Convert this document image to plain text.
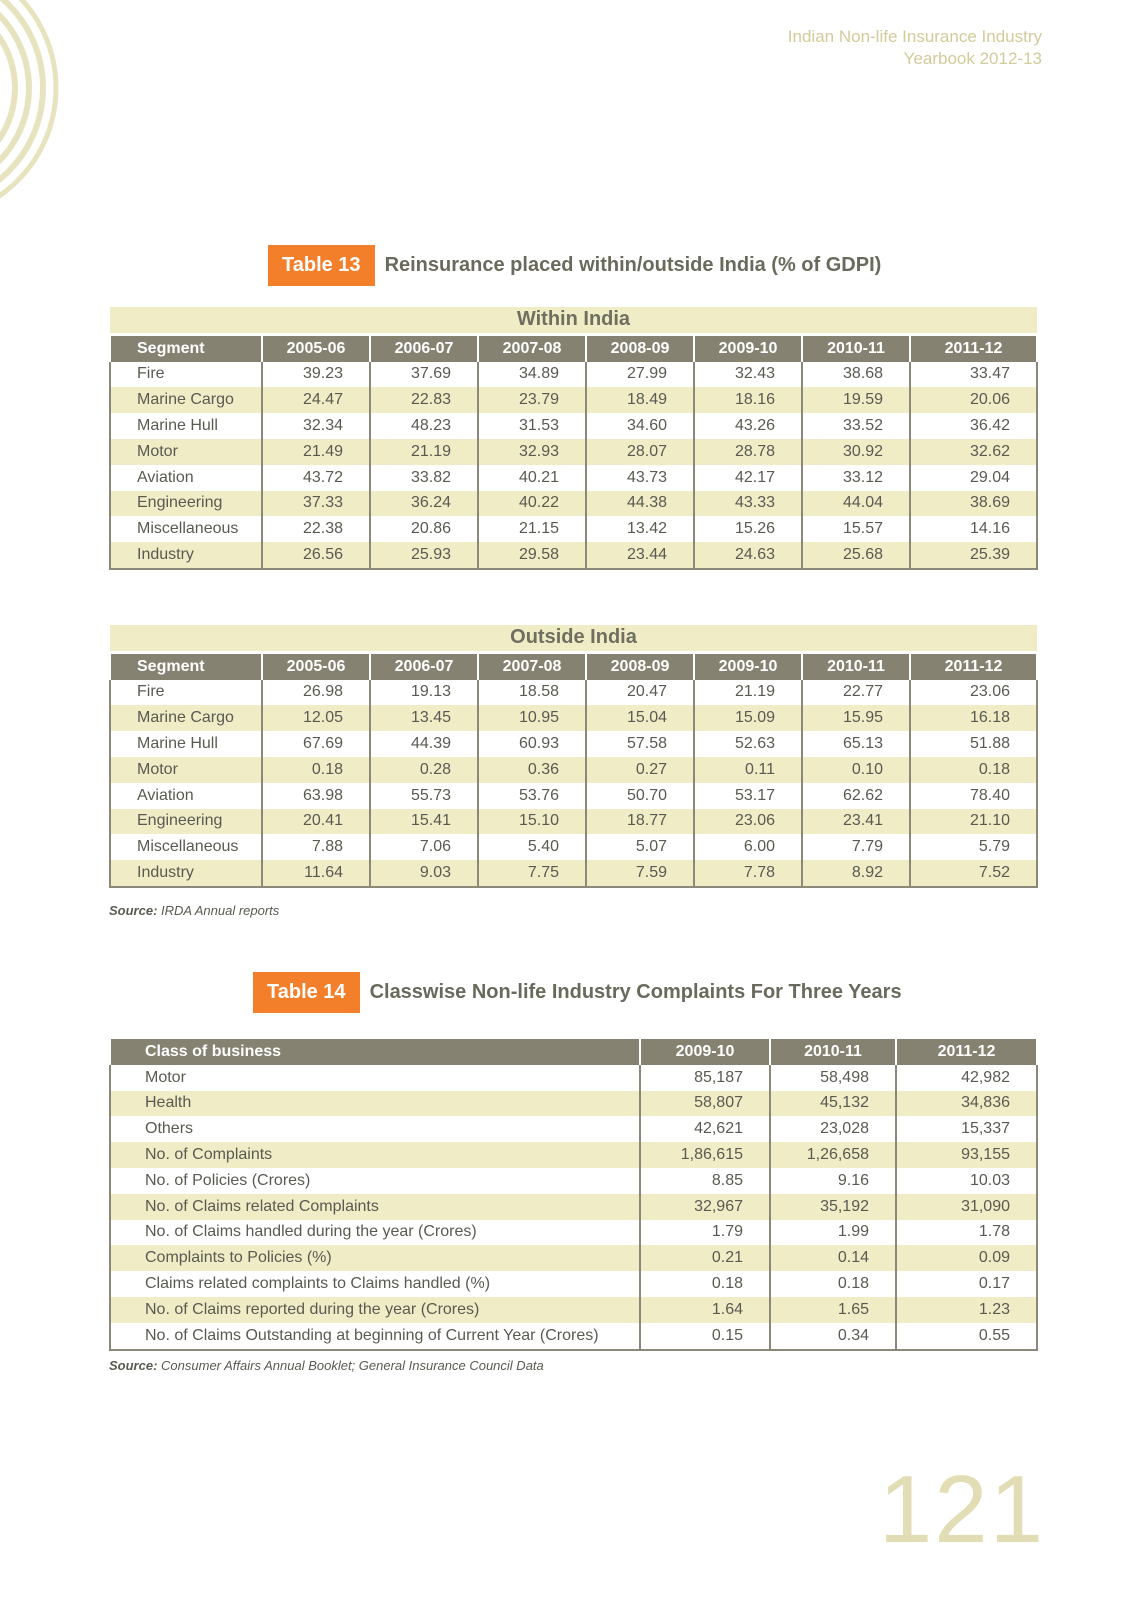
Indian Non-life Insurance Industry
Yearbook 2012-13
Table 13	Reinsurance placed within/outside India (% of GDPI)
Within India							
Segment	2005-06	2006-07	2007-08	2008-09	2009-10	2010-11	2011-12
Fire	39.23	37.69	34.89	27.99	32.43	38.68	33.47
Marine Cargo	24.47	22.83	23.79	18.49	18.16	19.59	20.06
Marine Hull	32.34	48.23	31.53	34.60	43.26	33.52	36.42
Motor	21.49	21.19	32.93	28.07	28.78	30.92	32.62
Aviation	43.72	33.82	40.21	43.73	42.17	33.12	29.04
Engineering	37.33	36.24	40.22	44.38	43.33	44.04	38.69
Miscellaneous	22.38	20.86	21.15	13.42	15.26	15.57	14.16
Industry	26.56	25.93	29.58	23.44	24.63	25.68	25.39
Outside India							
Segment	2005-06	2006-07	2007-08	2008-09	2009-10	2010-11	2011-12
Fire	26.98	19.13	18.58	20.47	21.19	22.77	23.06
Marine Cargo	12.05	13.45	10.95	15.04	15.09	15.95	16.18
Marine Hull	67.69	44.39	60.93	57.58	52.63	65.13	51.88
Motor	0.18	0.28	0.36	0.27	0.11	0.10	0.18
Aviation	63.98	55.73	53.76	50.70	53.17	62.62	78.40
Engineering	20.41	15.41	15.10	18.77	23.06	23.41	21.10
Miscellaneous	7.88	7.06	5.40	5.07	6.00	7.79	5.79
Industry	11.64	9.03	7.75	7.59	7.78	8.92	7.52
Source: IRDA Annual reports
Table 14	Classwise Non-life Industry Complaints For Three Years
Class of business	2009-10	2010-11	2011-12
Motor	85,187	58,498	42,982
Health	58,807	45,132	34,836
Others	42,621	23,028	15,337
No. of Complaints	1,86,615	1,26,658	93,155
No. of Policies (Crores)	8.85	9.16	10.03
No. of Claims related Complaints	32,967	35,192	31,090
No. of Claims handled during the year (Crores)	1.79	1.99	1.78
Complaints to Policies (%)	0.21	0.14	0.09
Claims related complaints to Claims handled (%)	0.18	0.18	0.17
No. of Claims reported during the year (Crores)	1.64	1.65	1.23
No. of Claims Outstanding at beginning of Current Year (Crores)	0.15	0.34	0.55
Source: Consumer Affairs Annual Booklet; General Insurance Council Data
121
